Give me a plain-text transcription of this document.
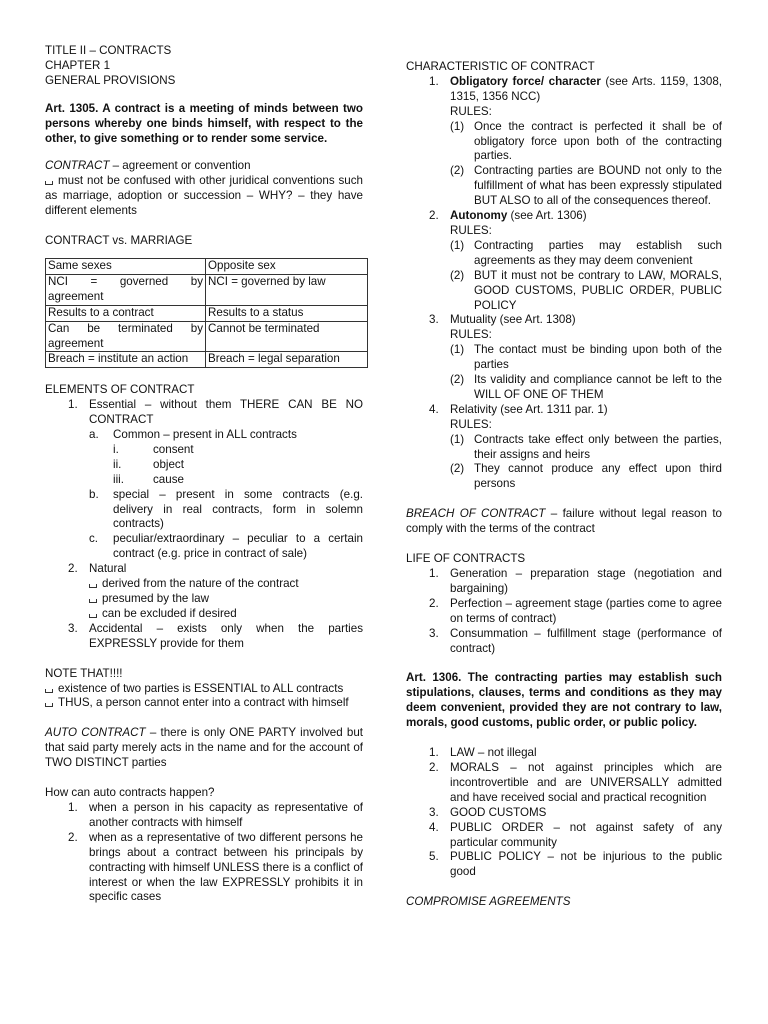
TITLE II – CONTRACTS
CHAPTER 1
GENERAL PROVISIONS

Art. 1305. A contract is a meeting of minds between two persons whereby one binds himself, with respect to the other, to give something or to render some service.

CONTRACT – agreement or convention

must not be confused with other juridical conventions such as marriage, adoption or succession – WHY? – they have different elements

CONTRACT vs. MARRIAGE

Same sexes	Opposite sex
NCI = governed by agreement	NCI = governed by law
Results to a contract	Results to a status
Can be terminated by agreement	Cannot be terminated
Breach = institute an action	Breach = legal separation

ELEMENTS OF CONTRACT

1. Essential – without them THERE CAN BE NO CONTRACT
a.	Common – present in ALL contracts
i.	consent
ii.	object
iii.	cause
b.	special – present in some contracts (e.g. delivery in real contracts, form in solemn contracts)
c.	peculiar/extraordinary – peculiar to a certain contract (e.g. price in contract of sale)
2. Natural
derived from the nature of the contract
presumed by the law
can be excluded if desired
3. Accidental – exists only when the parties EXPRESSLY provide for them

NOTE THAT!!!!

existence of two parties is ESSENTIAL to ALL contracts

THUS, a person cannot enter into a contract with himself

AUTO CONTRACT – there is only ONE PARTY involved but that said party merely acts in the name and for the account of TWO DISTINCT parties

How can auto contracts happen?

1. when a person in his capacity as representative of another contracts with himself
2. when as a representative of two different persons he brings about a contract between his principals by contracting with himself UNLESS there is a conflict of interest or when the law EXPRESSLY prohibits it in specific cases

CHARACTERISTIC OF CONTRACT

1. Obligatory force/ character (see Arts. 1159, 1308, 1315, 1356 NCC)
RULES:
(1) Once the contract is perfected it shall be of obligatory force upon both of the contracting parties.
(2) Contracting parties are BOUND not only to the fulfillment of what has been expressly stipulated BUT ALSO to all of the consequences thereof.
2. Autonomy (see Art. 1306)
RULES:
(1) Contracting parties may establish such agreements as they may deem convenient
(2) BUT it must not be contrary to LAW, MORALS, GOOD CUSTOMS, PUBLIC ORDER, PUBLIC POLICY
3. Mutuality (see Art. 1308)
RULES:
(1) The contact must be binding upon both of the parties
(2) Its validity and compliance cannot be left to the WILL OF ONE OF THEM
4. Relativity (see Art. 1311 par. 1)
RULES:
(1) Contracts take effect only between the parties, their assigns and heirs
(2) They cannot produce any effect upon third persons

BREACH OF CONTRACT – failure without legal reason to comply with the terms of the contract

LIFE OF CONTRACTS

1. Generation – preparation stage (negotiation and bargaining)
2. Perfection – agreement stage (parties come to agree on terms of contract)
3. Consummation – fulfillment stage (performance of contract)

Art. 1306. The contracting parties may establish such stipulations, clauses, terms and conditions as they may deem convenient, provided they are not contrary to law, morals, good customs, public order, or public policy.

1. LAW – not illegal
2. MORALS – not against principles which are incontrovertible and are UNIVERSALLY admitted and have received social and practical recognition
3. GOOD CUSTOMS
4. PUBLIC ORDER – not against safety of any particular community
5. PUBLIC POLICY – not be injurious to the public good

COMPROMISE AGREEMENTS
